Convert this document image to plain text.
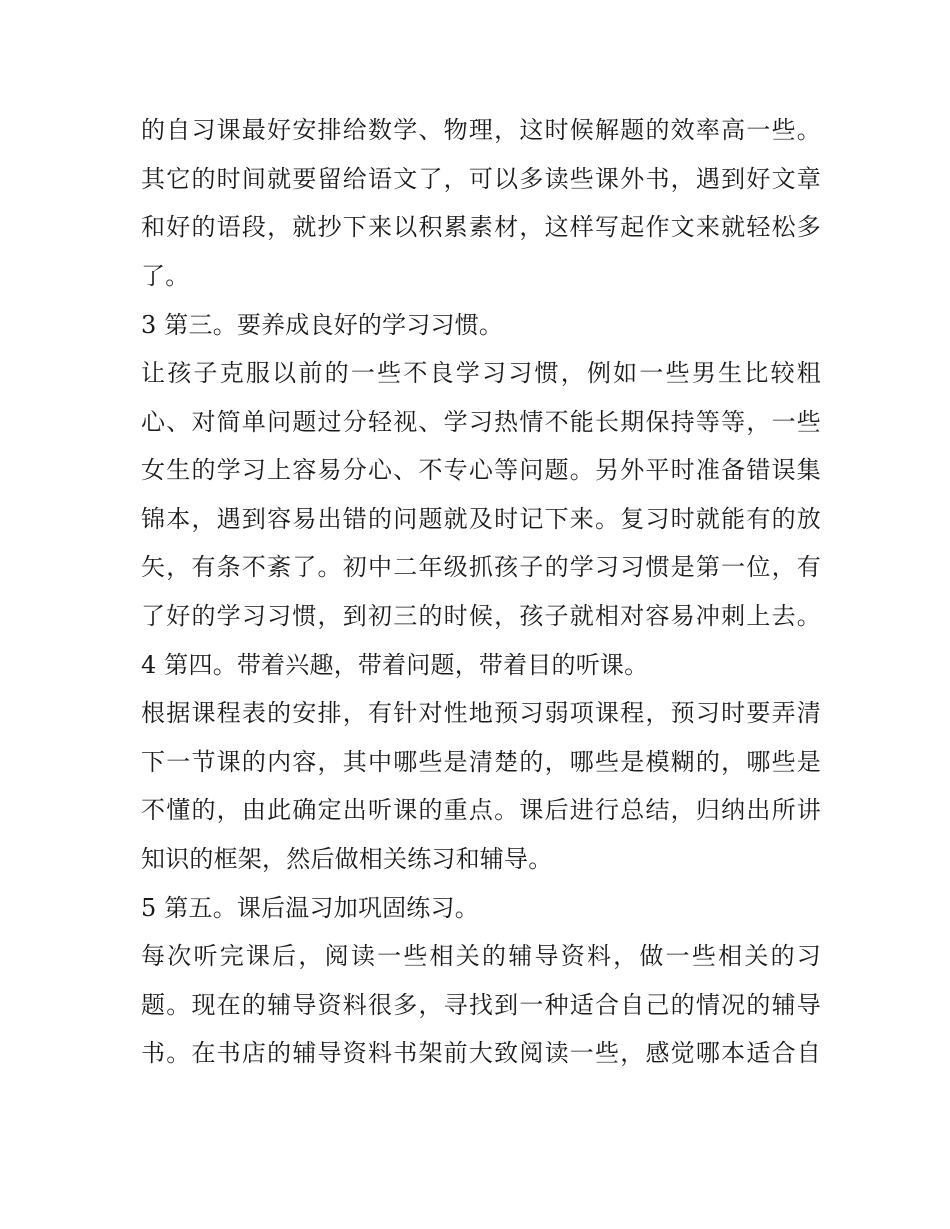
的自习课最好安排给数学、物理，这时候解题的效率高一些。
其它的时间就要留给语文了，可以多读些课外书，遇到好文章
和好的语段，就抄下来以积累素材，这样写起作文来就轻松多
了。
3 第三。要养成良好的学习习惯。
让孩子克服以前的一些不良学习习惯，例如一些男生比较粗
心、对简单问题过分轻视、学习热情不能长期保持等等，一些
女生的学习上容易分心、不专心等问题。另外平时准备错误集
锦本，遇到容易出错的问题就及时记下来。复习时就能有的放
矢，有条不紊了。初中二年级抓孩子的学习习惯是第一位，有
了好的学习习惯，到初三的时候，孩子就相对容易冲刺上去。
4 第四。带着兴趣，带着问题，带着目的听课。
根据课程表的安排，有针对性地预习弱项课程，预习时要弄清
下一节课的内容，其中哪些是清楚的，哪些是模糊的，哪些是
不懂的，由此确定出听课的重点。课后进行总结，归纳出所讲
知识的框架，然后做相关练习和辅导。
5 第五。课后温习加巩固练习。
每次听完课后，阅读一些相关的辅导资料，做一些相关的习
题。现在的辅导资料很多，寻找到一种适合自己的情况的辅导
书。在书店的辅导资料书架前大致阅读一些，感觉哪本适合自
